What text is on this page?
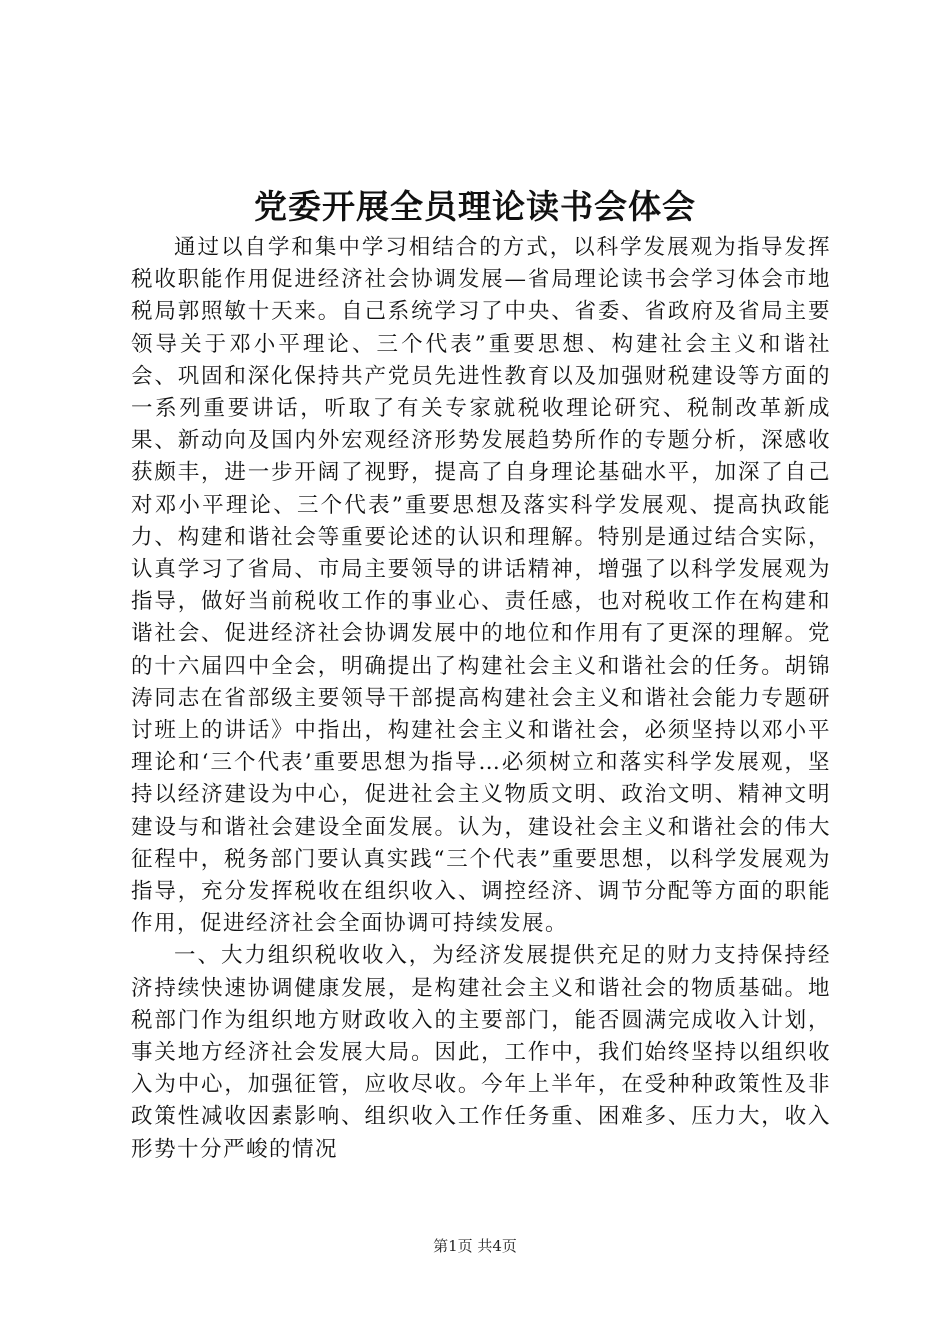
党委开展全员理论读书会体会

通过以自学和集中学习相结合的方式，以科学发展观为指导发挥税收职能作用促进经济社会协调发展—省局理论读书会学习体会市地税局郭照敏十天来。自己系统学习了中央、省委、省政府及省局主要领导关于邓小平理论、三个代表”重要思想、构建社会主义和谐社会、巩固和深化保持共产党员先进性教育以及加强财税建设等方面的一系列重要讲话，听取了有关专家就税收理论研究、税制改革新成果、新动向及国内外宏观经济形势发展趋势所作的专题分析，深感收获颇丰，进一步开阔了视野，提高了自身理论基础水平，加深了自己对邓小平理论、三个代表”重要思想及落实科学发展观、提高执政能力、构建和谐社会等重要论述的认识和理解。特别是通过结合实际，认真学习了省局、市局主要领导的讲话精神，增强了以科学发展观为指导，做好当前税收工作的事业心、责任感，也对税收工作在构建和谐社会、促进经济社会协调发展中的地位和作用有了更深的理解。党的十六届四中全会，明确提出了构建社会主义和谐社会的任务。胡锦涛同志在省部级主要领导干部提高构建社会主义和谐社会能力专题研讨班上的讲话》中指出，构建社会主义和谐社会，必须坚持以邓小平理论和‘三个代表’重要思想为指导…必须树立和落实科学发展观，坚持以经济建设为中心，促进社会主义物质文明、政治文明、精神文明建设与和谐社会建设全面发展。认为，建设社会主义和谐社会的伟大征程中，税务部门要认真实践“三个代表”重要思想，以科学发展观为指导，充分发挥税收在组织收入、调控经济、调节分配等方面的职能作用，促进经济社会全面协调可持续发展。

一、大力组织税收收入，为经济发展提供充足的财力支持保持经济持续快速协调健康发展，是构建社会主义和谐社会的物质基础。地税部门作为组织地方财政收入的主要部门，能否圆满完成收入计划，事关地方经济社会发展大局。因此，工作中，我们始终坚持以组织收入为中心，加强征管，应收尽收。今年上半年，在受种种政策性及非政策性减收因素影响、组织收入工作任务重、困难多、压力大，收入形势十分严峻的情况

第1页 共4页
